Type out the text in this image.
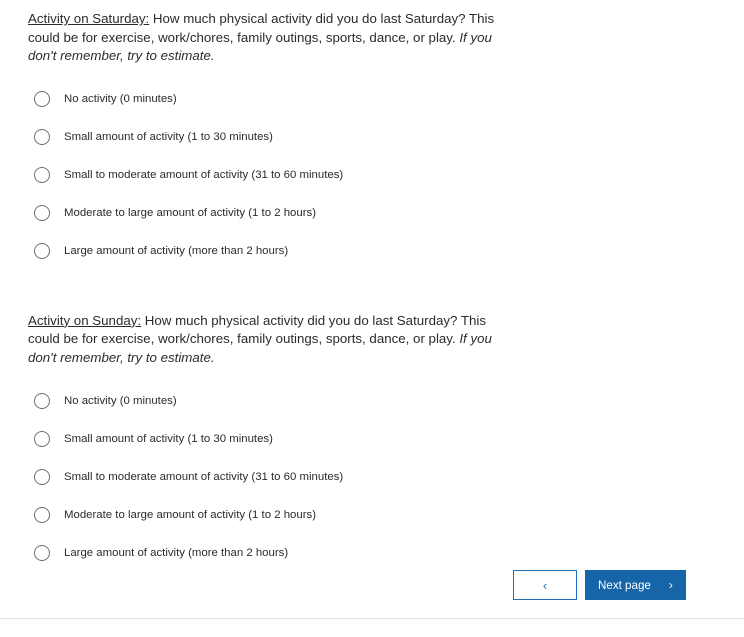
Activity on Saturday: How much physical activity did you do last Saturday? This could be for exercise, work/chores, family outings, sports, dance, or play. If you don't remember, try to estimate.

No activity (0 minutes)
Small amount of activity (1 to 30 minutes)
Small to moderate amount of activity (31 to 60 minutes)
Moderate to large amount of activity (1 to 2 hours)
Large amount of activity (more than 2 hours)

Activity on Sunday: How much physical activity did you do last Saturday? This could be for exercise, work/chores, family outings, sports, dance, or play. If you don't remember, try to estimate.

No activity (0 minutes)
Small amount of activity (1 to 30 minutes)
Small to moderate amount of activity (31 to 60 minutes)
Moderate to large amount of activity (1 to 2 hours)
Large amount of activity (more than 2 hours)
‹	Next page ›
